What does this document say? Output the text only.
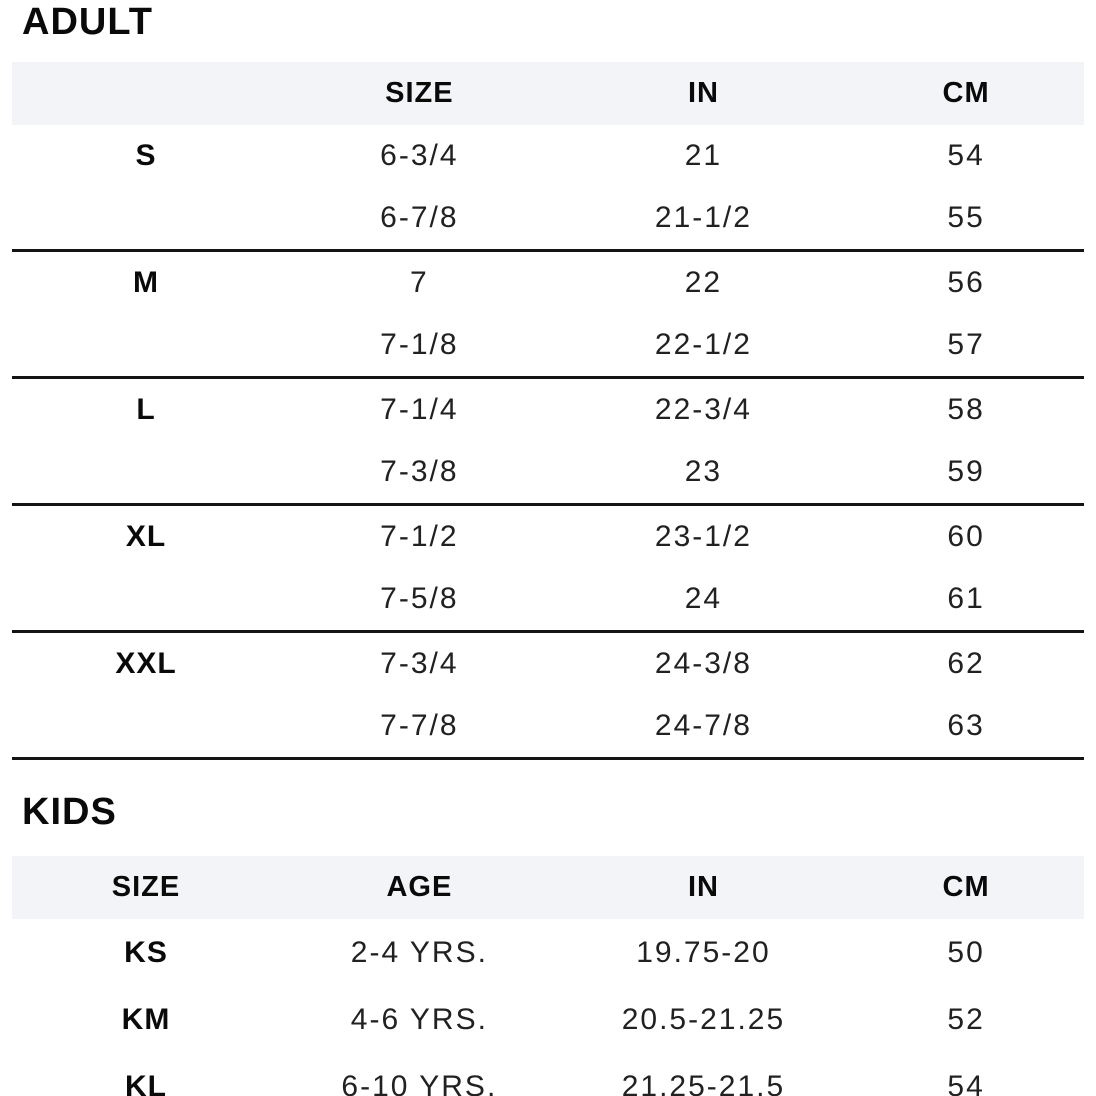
ADULT
	SIZE	IN	CM
S	6-3/4	21	54
	6-7/8	21-1/2	55
M	7	22	56
	7-1/8	22-1/2	57
L	7-1/4	22-3/4	58
	7-3/8	23	59
XL	7-1/2	23-1/2	60
	7-5/8	24	61
XXL	7-3/4	24-3/8	62
	7-7/8	24-7/8	63
KIDS
SIZE	AGE	IN	CM
KS	2-4 YRS.	19.75-20	50
KM	4-6 YRS.	20.5-21.25	52
KL	6-10 YRS.	21.25-21.5	54
